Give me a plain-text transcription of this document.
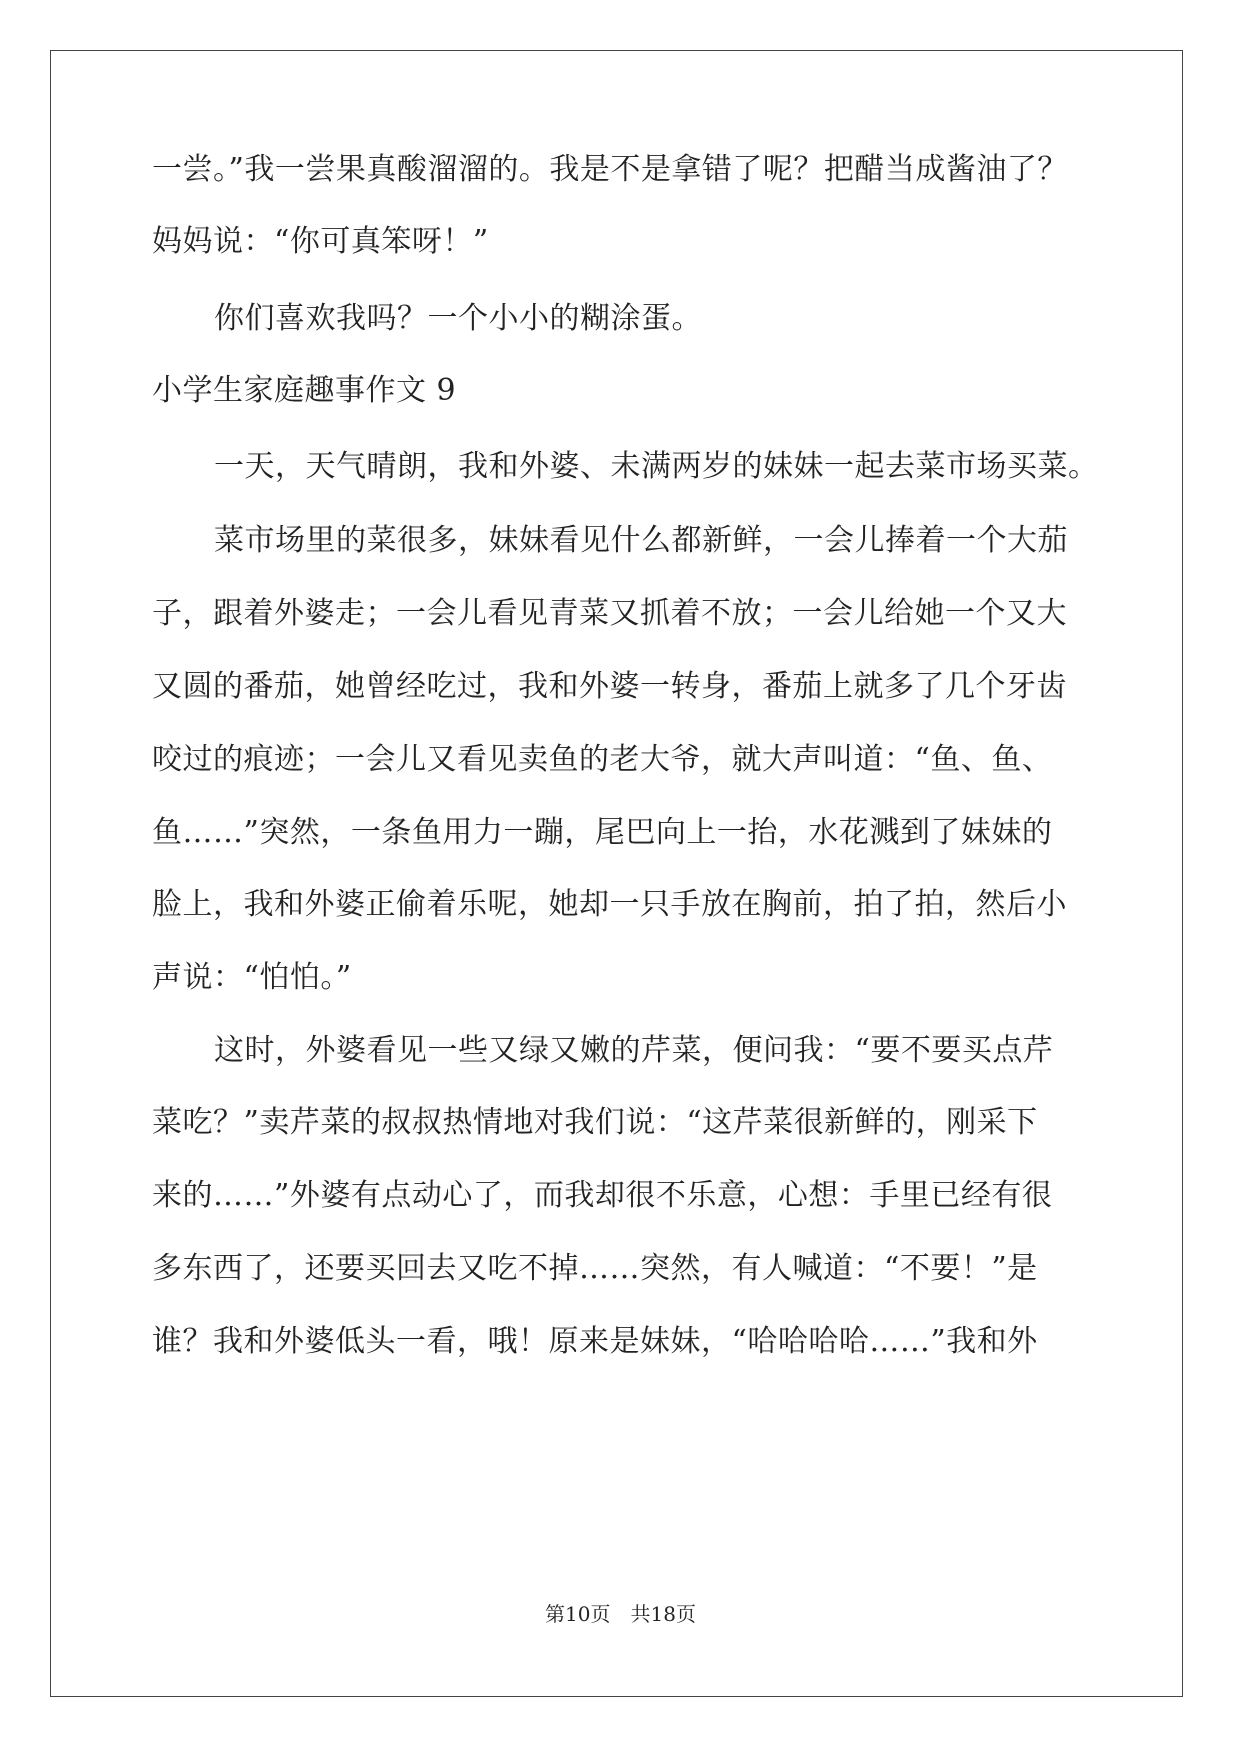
一尝。”我一尝果真酸溜溜的。我是不是拿错了呢？把醋当成酱油了？
妈妈说：“你可真笨呀！”
你们喜欢我吗？一个小小的糊涂蛋。
小学生家庭趣事作文 9
一天，天气晴朗，我和外婆、未满两岁的妹妹一起去菜市场买菜。
菜市场里的菜很多，妹妹看见什么都新鲜，一会儿捧着一个大茄
子，跟着外婆走；一会儿看见青菜又抓着不放；一会儿给她一个又大
又圆的番茄，她曾经吃过，我和外婆一转身，番茄上就多了几个牙齿
咬过的痕迹；一会儿又看见卖鱼的老大爷，就大声叫道：“鱼、鱼、
鱼……”突然，一条鱼用力一蹦，尾巴向上一抬，水花溅到了妹妹的
脸上，我和外婆正偷着乐呢，她却一只手放在胸前，拍了拍，然后小
声说：“怕怕。”
这时，外婆看见一些又绿又嫩的芹菜，便问我：“要不要买点芹
菜吃？”卖芹菜的叔叔热情地对我们说：“这芹菜很新鲜的，刚采下
来的……”外婆有点动心了，而我却很不乐意，心想：手里已经有很
多东西了，还要买回去又吃不掉……突然，有人喊道：“不要！”是
谁？我和外婆低头一看，哦！原来是妹妹，“哈哈哈哈……”我和外
第10页 共18页
